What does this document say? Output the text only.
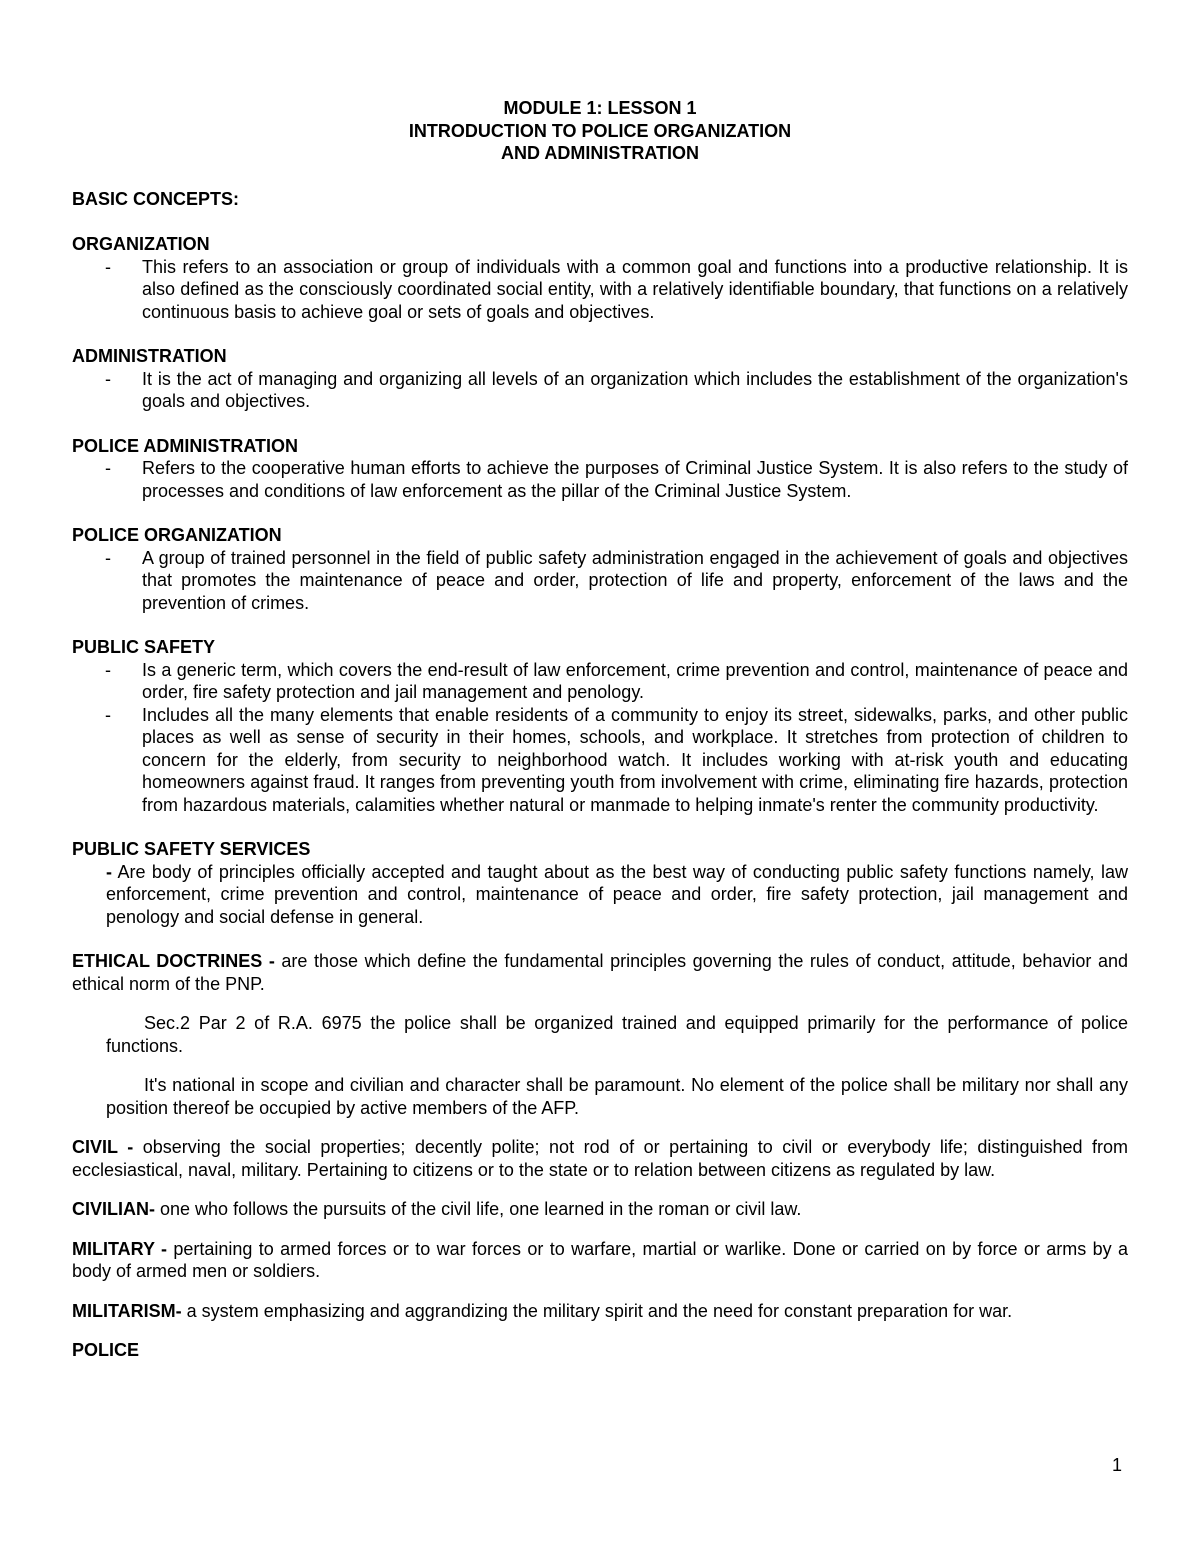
MODULE 1: LESSON 1

INTRODUCTION TO POLICE ORGANIZATION

AND ADMINISTRATION

BASIC CONCEPTS:

ORGANIZATION

- This refers to an association or group of individuals with a common goal and functions into a productive relationship. It is also defined as the consciously coordinated social entity, with a relatively identifiable boundary, that functions on a relatively continuous basis to achieve goal or sets of goals and objectives.

ADMINISTRATION

- It is the act of managing and organizing all levels of an organization which includes the establishment of the organization's goals and objectives.

POLICE ADMINISTRATION

- Refers to the cooperative human efforts to achieve the purposes of Criminal Justice System. It is also refers to the study of processes and conditions of law enforcement as the pillar of the Criminal Justice System.

POLICE ORGANIZATION

- A group of trained personnel in the field of public safety administration engaged in the achievement of goals and objectives that promotes the maintenance of peace and order, protection of life and property, enforcement of the laws and the prevention of crimes.

PUBLIC SAFETY

- Is a generic term, which covers the end-result of law enforcement, crime prevention and control, maintenance of peace and order, fire safety protection and jail management and penology.

- Includes all the many elements that enable residents of a community to enjoy its street, sidewalks, parks, and other public places as well as sense of security in their homes, schools, and workplace. It stretches from protection of children to concern for the elderly, from security to neighborhood watch. It includes working with at-risk youth and educating homeowners against fraud. It ranges from preventing youth from involvement with crime, eliminating fire hazards, protection from hazardous materials, calamities whether natural or manmade to helping inmate's renter the community productivity.

PUBLIC SAFETY SERVICES

- Are body of principles officially accepted and taught about as the best way of conducting public safety functions namely, law enforcement, crime prevention and control, maintenance of peace and order, fire safety protection, jail management and penology and social defense in general.

ETHICAL DOCTRINES - are those which define the fundamental principles governing the rules of conduct, attitude, behavior and ethical norm of the PNP.

Sec.2 Par 2 of R.A. 6975 the police shall be organized trained and equipped primarily for the performance of police functions.

It's national in scope and civilian and character shall be paramount. No element of the police shall be military nor shall any position thereof be occupied by active members of the AFP.

CIVIL - observing the social properties; decently polite; not rod of or pertaining to civil or everybody life; distinguished from ecclesiastical, naval, military. Pertaining to citizens or to the state or to relation between citizens as regulated by law.

CIVILIAN- one who follows the pursuits of the civil life, one learned in the roman or civil law.

MILITARY - pertaining to armed forces or to war forces or to warfare, martial or warlike. Done or carried on by force or arms by a body of armed men or soldiers.

MILITARISM- a system emphasizing and aggrandizing the military spirit and the need for constant preparation for war.

POLICE

1
